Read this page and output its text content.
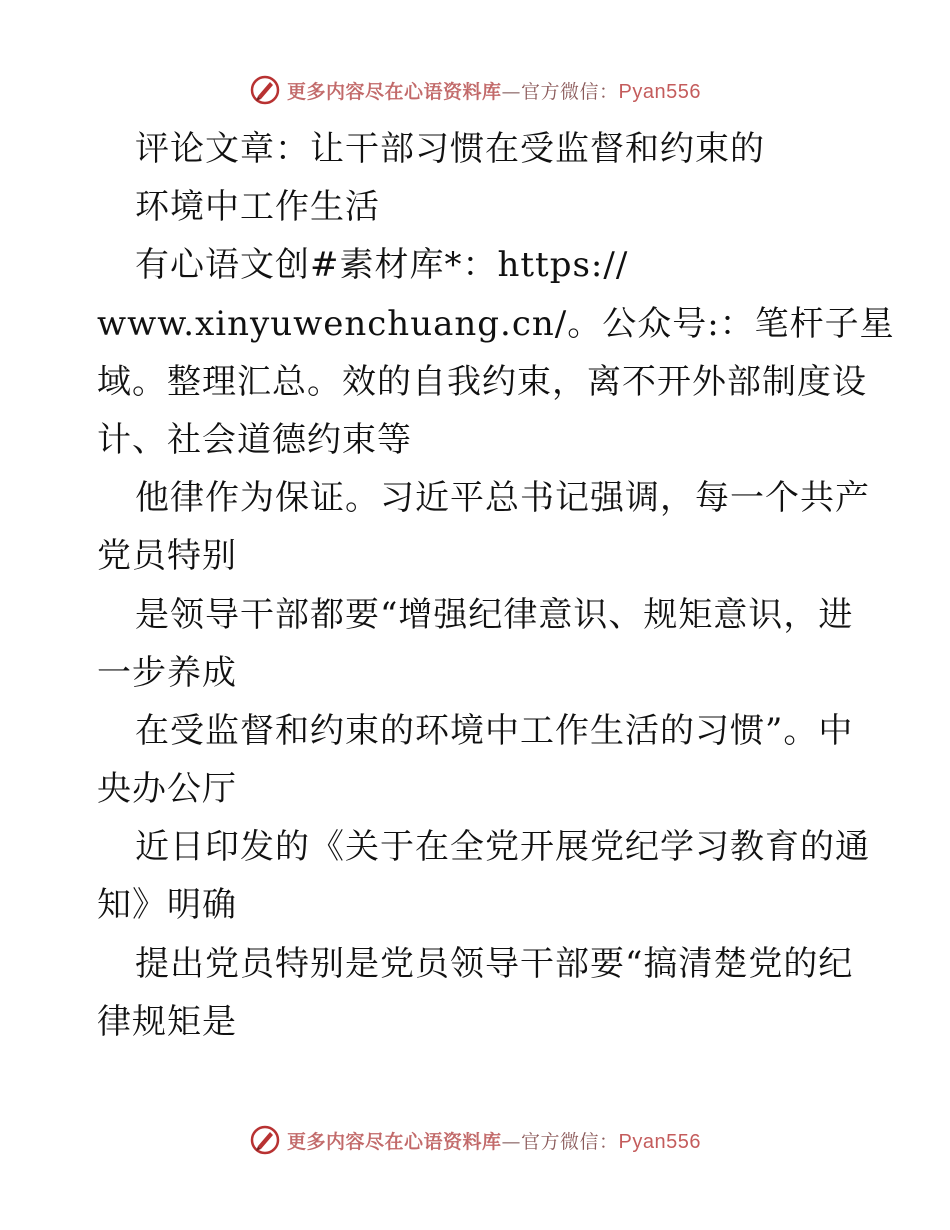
更多内容尽在心语资料库—官方微信：Pyan556
评论文章：让干部习惯在受监督和约束的
环境中工作生活
有心语文创#素材库*：https://
www.xinyuwenchuang.cn/。公众号:：笔杆子星
域。整理汇总。效的自我约束，离不开外部制度设
计、社会道德约束等
他律作为保证。习近平总书记强调，每一个共产
党员特别
是领导干部都要“增强纪律意识、规矩意识，进
一步养成
在受监督和约束的环境中工作生活的习惯”。中
央办公厅
近日印发的《关于在全党开展党纪学习教育的通
知》明确
提出党员特别是党员领导干部要“搞清楚党的纪
律规矩是
更多内容尽在心语资料库—官方微信：Pyan556
